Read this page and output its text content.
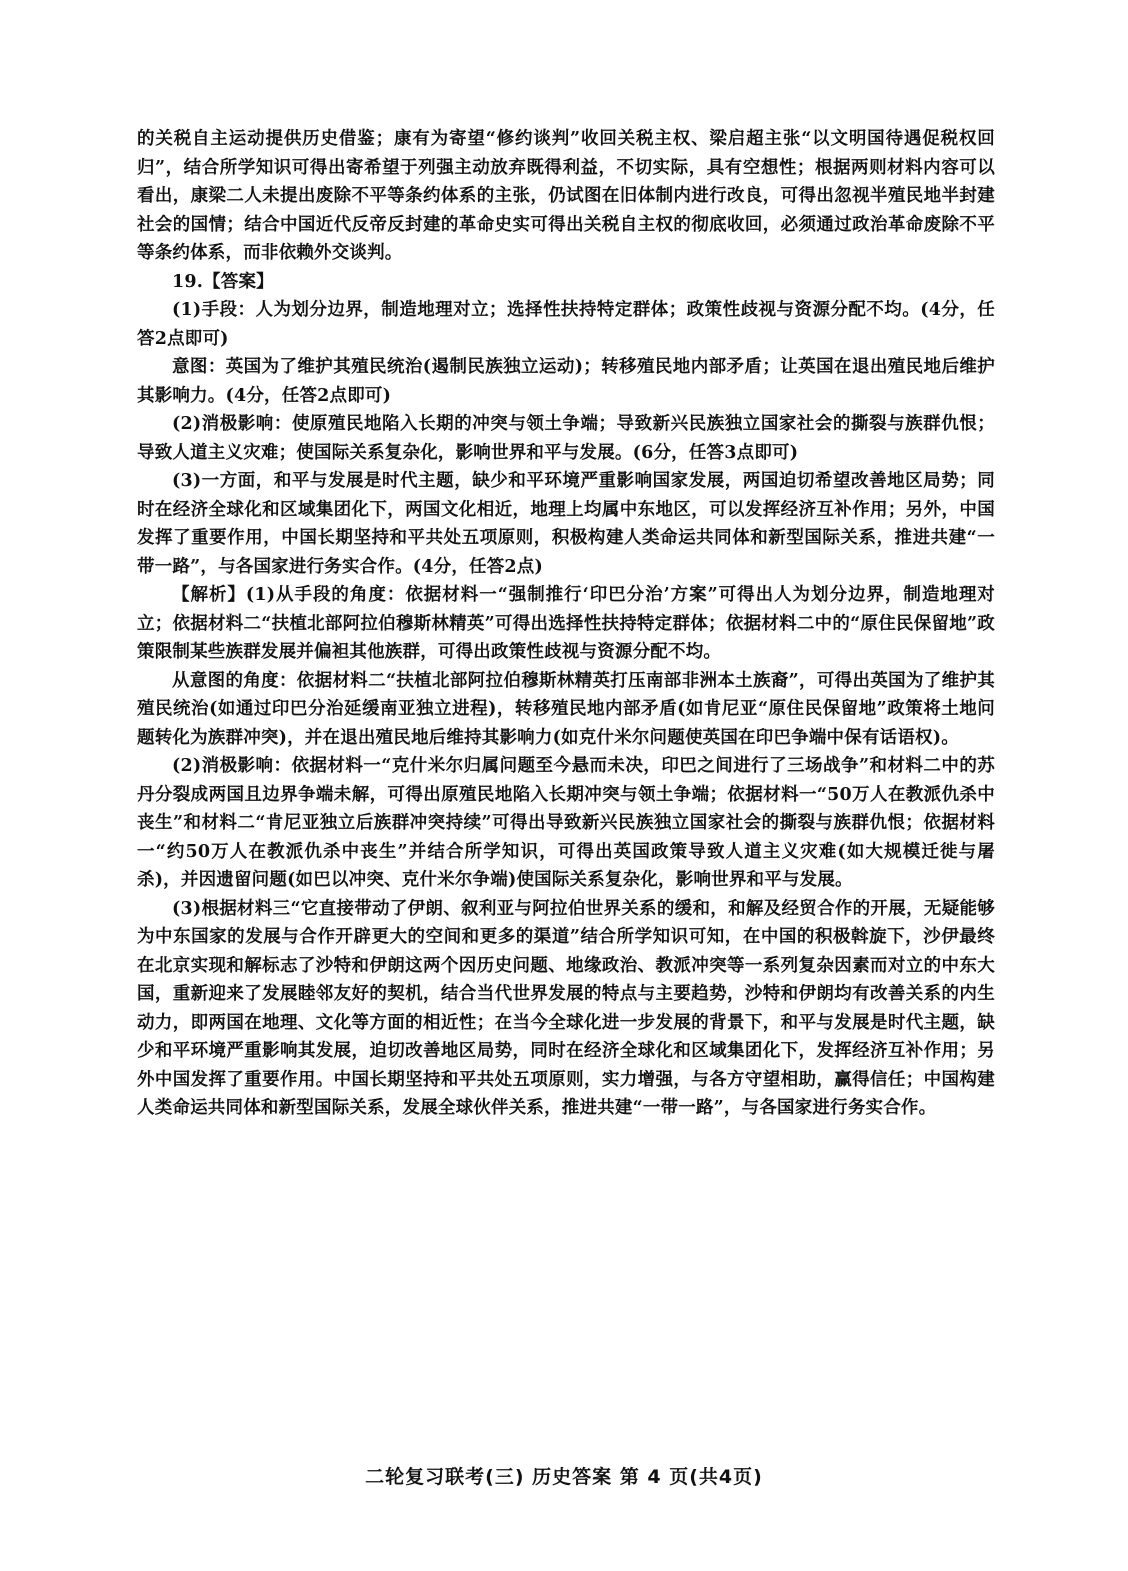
的关税自主运动提供历史借鉴；康有为寄望“修约谈判”收回关税主权、梁启超主张“以文明国待遇促税权回归”，结合所学知识可得出寄希望于列强主动放弃既得利益，不切实际，具有空想性；根据两则材料内容可以看出，康梁二人未提出废除不平等条约体系的主张，仍试图在旧体制内进行改良，可得出忽视半殖民地半封建社会的国情；结合中国近代反帝反封建的革命史实可得出关税自主权的彻底收回，必须通过政治革命废除不平等条约体系，而非依赖外交谈判。

19.【答案】

(1)手段：人为划分边界，制造地理对立；选择性扶持特定群体；政策性歧视与资源分配不均。(4分，任答2点即可)

意图：英国为了维护其殖民统治(遏制民族独立运动)；转移殖民地内部矛盾；让英国在退出殖民地后维护其影响力。(4分，任答2点即可)

(2)消极影响：使原殖民地陷入长期的冲突与领土争端；导致新兴民族独立国家社会的撕裂与族群仇恨；导致人道主义灾难；使国际关系复杂化，影响世界和平与发展。(6分，任答3点即可)

(3)一方面，和平与发展是时代主题，缺少和平环境严重影响国家发展，两国迫切希望改善地区局势；同时在经济全球化和区域集团化下，两国文化相近，地理上均属中东地区，可以发挥经济互补作用；另外，中国发挥了重要作用，中国长期坚持和平共处五项原则，积极构建人类命运共同体和新型国际关系，推进共建“一带一路”，与各国家进行务实合作。(4分，任答2点)

【解析】(1)从手段的角度：依据材料一“强制推行‘印巴分治’方案”可得出人为划分边界，制造地理对立；依据材料二“扶植北部阿拉伯穆斯林精英”可得出选择性扶持特定群体；依据材料二中的“原住民保留地”政策限制某些族群发展并偏袒其他族群，可得出政策性歧视与资源分配不均。

从意图的角度：依据材料二“扶植北部阿拉伯穆斯林精英打压南部非洲本土族裔”，可得出英国为了维护其殖民统治(如通过印巴分治延缓南亚独立进程)，转移殖民地内部矛盾(如肯尼亚“原住民保留地”政策将土地问题转化为族群冲突)，并在退出殖民地后维持其影响力(如克什米尔问题使英国在印巴争端中保有话语权)。

(2)消极影响：依据材料一“克什米尔归属问题至今悬而未决，印巴之间进行了三场战争”和材料二中的苏丹分裂成两国且边界争端未解，可得出原殖民地陷入长期冲突与领土争端；依据材料一“50万人在教派仇杀中丧生”和材料二“肯尼亚独立后族群冲突持续”可得出导致新兴民族独立国家社会的撕裂与族群仇恨；依据材料一“约50万人在教派仇杀中丧生”并结合所学知识，可得出英国政策导致人道主义灾难(如大规模迁徙与屠杀)，并因遗留问题(如巴以冲突、克什米尔争端)使国际关系复杂化，影响世界和平与发展。

(3)根据材料三“它直接带动了伊朗、叙利亚与阿拉伯世界关系的缓和，和解及经贸合作的开展，无疑能够为中东国家的发展与合作开辟更大的空间和更多的渠道”结合所学知识可知，在中国的积极斡旋下，沙伊最终在北京实现和解标志了沙特和伊朗这两个因历史问题、地缘政治、教派冲突等一系列复杂因素而对立的中东大国，重新迎来了发展睦邻友好的契机，结合当代世界发展的特点与主要趋势，沙特和伊朗均有改善关系的内生动力，即两国在地理、文化等方面的相近性；在当今全球化进一步发展的背景下，和平与发展是时代主题，缺少和平环境严重影响其发展，迫切改善地区局势，同时在经济全球化和区域集团化下，发挥经济互补作用；另外中国发挥了重要作用。中国长期坚持和平共处五项原则，实力增强，与各方守望相助，赢得信任；中国构建人类命运共同体和新型国际关系，发展全球伙伴关系，推进共建“一带一路”，与各国家进行务实合作。

二轮复习联考(三) 历史答案 第 4 页(共4页)
